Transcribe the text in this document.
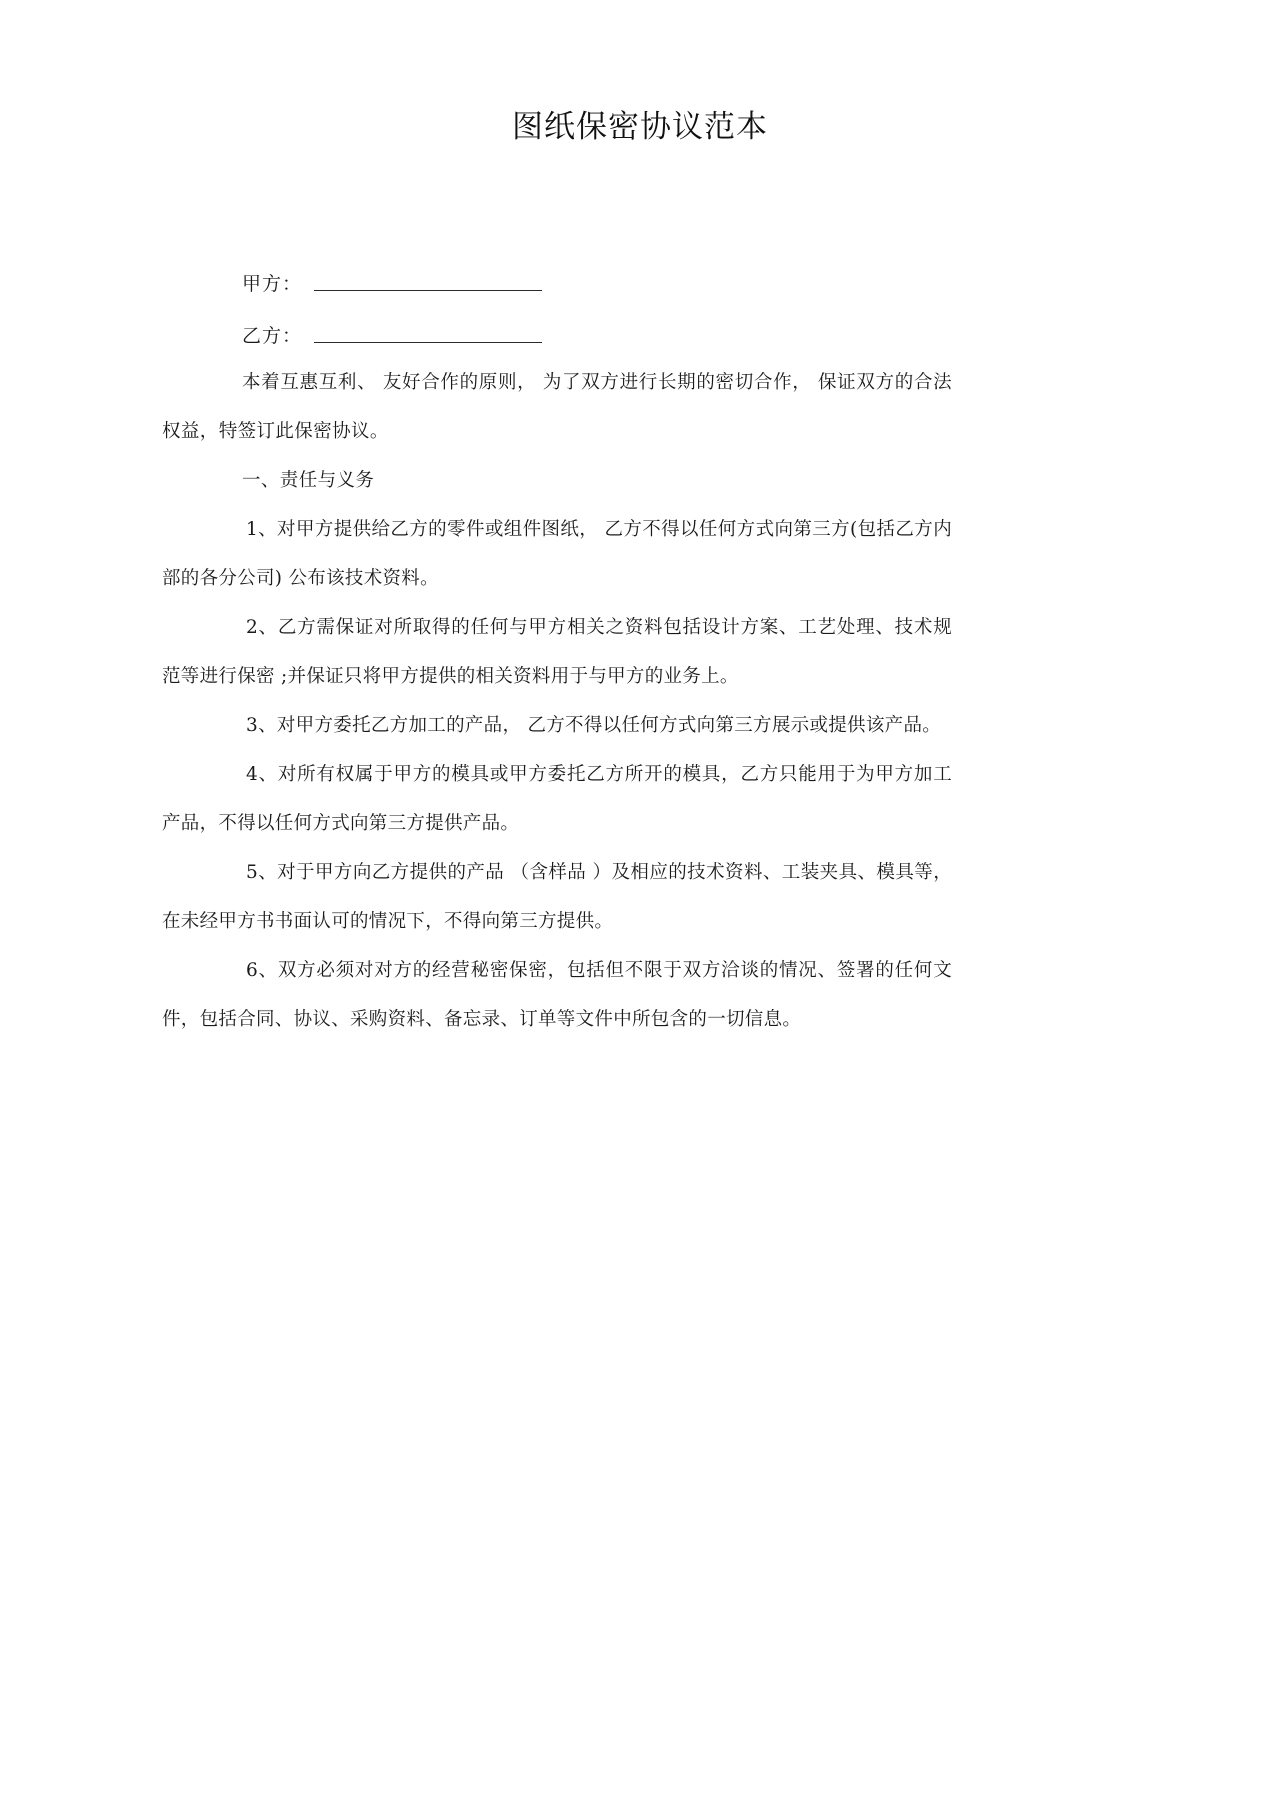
图纸保密协议范本
甲方：
乙方：

本着互惠互利、 友好合作的原则， 为了双方进行长期的密切合作， 保证双方的合法权益，特签订此保密协议。

一、责任与义务

1、对甲方提供给乙方的零件或组件图纸， 乙方不得以任何方式向第三方(包括乙方内部的各分公司) 公布该技术资料。

2、乙方需保证对所取得的任何与甲方相关之资料包括设计方案、工艺处理、技术规范等进行保密 ;并保证只将甲方提供的相关资料用于与甲方的业务上。

3、对甲方委托乙方加工的产品， 乙方不得以任何方式向第三方展示或提供该产品。

4、对所有权属于甲方的模具或甲方委托乙方所开的模具，乙方只能用于为甲方加工产品，不得以任何方式向第三方提供产品。

5、对于甲方向乙方提供的产品 （含样品 ）及相应的技术资料、工装夹具、模具等， 在未经甲方书书面认可的情况下，不得向第三方提供。

6、双方必须对对方的经营秘密保密，包括但不限于双方洽谈的情况、签署的任何文件，包括合同、协议、采购资料、备忘录、订单等文件中所包含的一切信息。
